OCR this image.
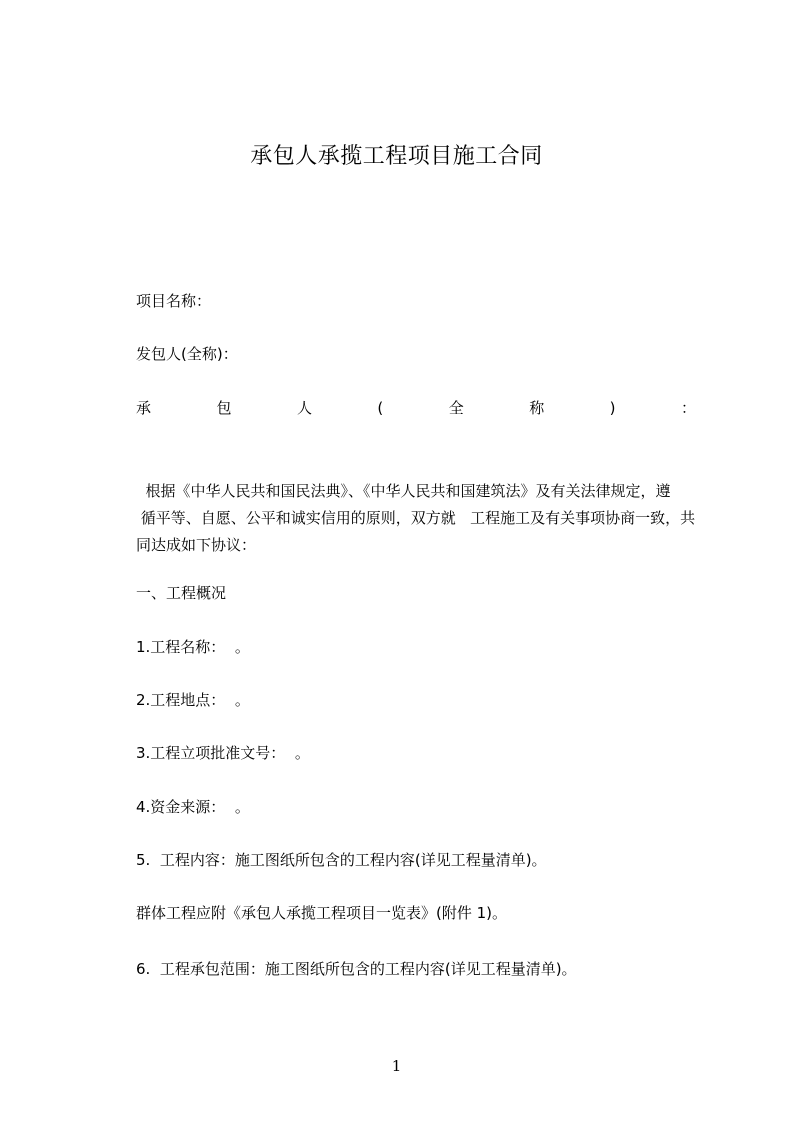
承包人承揽工程项目施工合同
项目名称：
发包人(全称)：
承	包	人	(	全	称	)	：
根据《中华人民共和国民法典》、《中华人民共和国建筑法》及有关法律规定，遵
循平等、自愿、公平和诚实信用的原则，双方就   工程施工及有关事项协商一致，共
同达成如下协议：
一、工程概况
1.工程名称：  。
2.工程地点：  。
3.工程立项批准文号：  。
4.资金来源：  。
5.  工程内容：施工图纸所包含的工程内容(详见工程量清单)。
群体工程应附《承包人承揽工程项目一览表》(附件 1)。
6.  工程承包范围：施工图纸所包含的工程内容(详见工程量清单)。
1
